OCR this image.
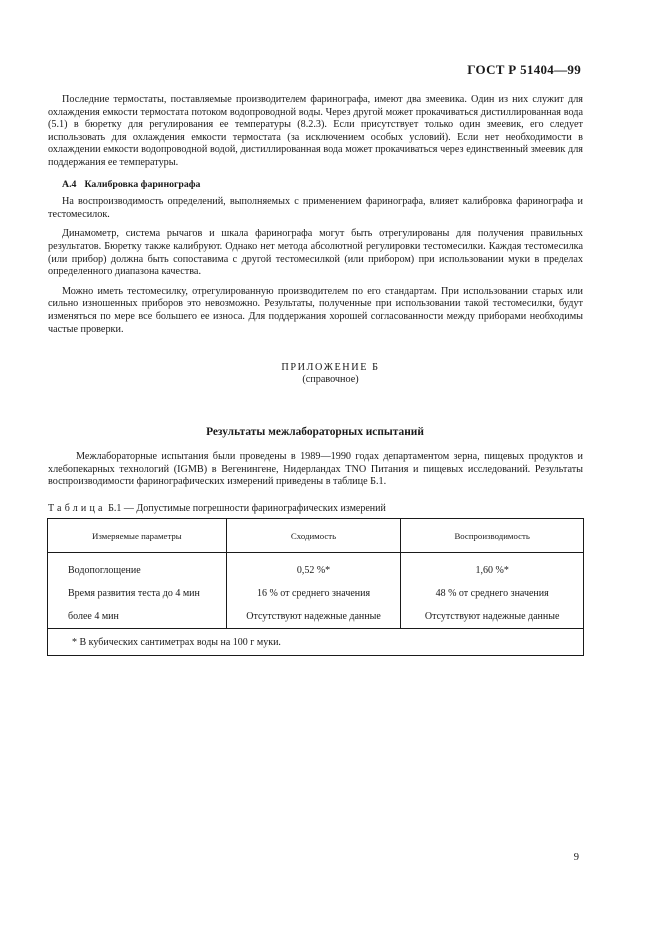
ГОСТ Р 51404—99

Последние термостаты, поставляемые производителем фаринографа, имеют два змеевика. Один из них служит для охлаждения емкости термостата потоком водопроводной воды. Через другой может прокачиваться дистиллированная вода (5.1) в бюретку для регулирования ее температуры (8.2.3). Если присутствует только один змеевик, его следует использовать для охлаждения емкости термостата (за исключением особых условий). Если нет необходимости в охлаждении емкости водопроводной водой, дистиллированная вода может прокачиваться через единственный змеевик для поддержания ее температуры.

А.4 Калибровка фаринографа

На воспроизводимость определений, выполняемых с применением фаринографа, влияет калибровка фаринографа и тестомесилок.

Динамометр, система рычагов и шкала фаринографа могут быть отрегулированы для получения правильных результатов. Бюретку также калибруют. Однако нет метода абсолютной регулировки тестомесилки. Каждая тестомесилка (или прибор) должна быть сопоставима с другой тестомесилкой (или прибором) при использовании муки в пределах определенного диапазона качества.

Можно иметь тестомесилку, отрегулированную производителем по его стандартам. При использовании старых или сильно изношенных приборов это невозможно. Результаты, полученные при использовании такой тестомесилки, будут изменяться по мере все большего ее износа. Для поддержания хорошей согласованности между приборами необходимы частые проверки.

ПРИЛОЖЕНИЕ Б
(справочное)
Результаты межлабораторных испытаний

Межлабораторные испытания были проведены в 1989—1990 годах департаментом зерна, пищевых продуктов и хлебопекарных технологий (IGMB) в Вегенингене, Нидерландах TNO Питания и пищевых исследований. Результаты воспроизводимости фаринографических измерений приведены в таблице Б.1.

Таблица Б.1 — Допустимые погрешности фаринографических измерений
Измеряемые параметры	Сходимость	Воспроизводимость
Водопоглощение	0,52 %*	1,60 %*
Время развития теста до 4 мин	16 % от среднего значения	48 % от среднего значения
более 4 мин	Отсутствуют надежные данные	Отсутствуют надежные данные
* В кубических сантиметрах воды на 100 г муки.		
9
